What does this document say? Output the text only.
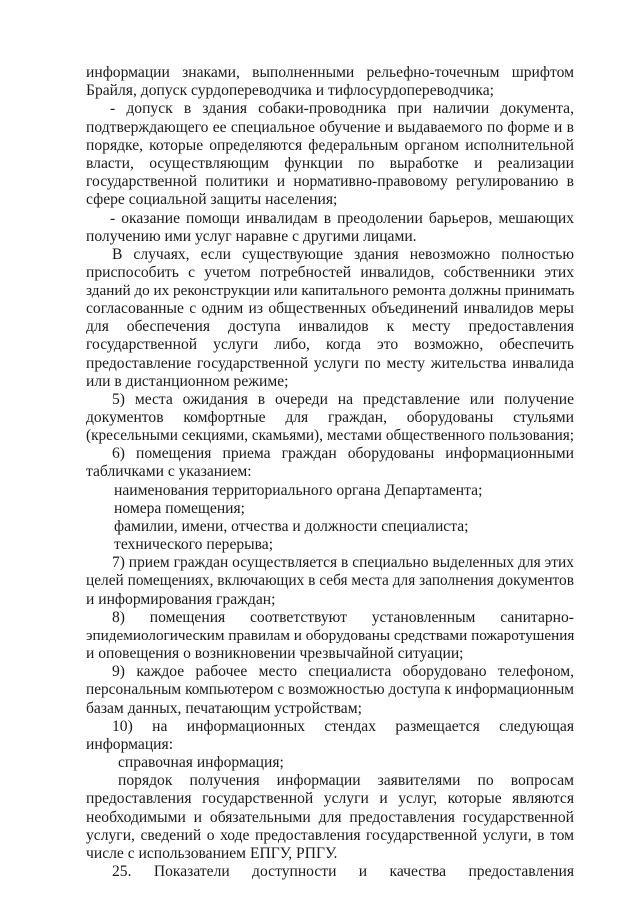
информации знаками, выполненными рельефно-точечным шрифтом
Брайля, допуск сурдопереводчика и тифлосурдопереводчика;
- допуск в здания собаки-проводника при наличии документа,
подтверждающего ее специальное обучение и выдаваемого по форме и в
порядке, которые определяются федеральным органом исполнительной
власти, осуществляющим функции по выработке и реализации
государственной политики и нормативно-правовому регулированию в
сфере социальной защиты населения;
- оказание помощи инвалидам в преодолении барьеров, мешающих
получению ими услуг наравне с другими лицами.
В случаях, если существующие здания невозможно полностью
приспособить с учетом потребностей инвалидов, собственники этих
зданий до их реконструкции или капитального ремонта должны принимать
согласованные с одним из общественных объединений инвалидов меры
для обеспечения доступа инвалидов к месту предоставления
государственной услуги либо, когда это возможно, обеспечить
предоставление государственной услуги по месту жительства инвалида
или в дистанционном режиме;
5) места ожидания в очереди на представление или получение
документов комфортные для граждан, оборудованы стульями
(кресельными секциями, скамьями), местами общественного пользования;
6) помещения приема граждан оборудованы информационными
табличками с указанием:
наименования территориального органа Департамента;
номера помещения;
фамилии, имени, отчества и должности специалиста;
технического перерыва;
7) прием граждан осуществляется в специально выделенных для этих
целей помещениях, включающих в себя места для заполнения документов
и информирования граждан;
8) помещения соответствуют установленным санитарно-
эпидемиологическим правилам и оборудованы средствами пожаротушения
и оповещения о возникновении чрезвычайной ситуации;
9) каждое рабочее место специалиста оборудовано телефоном,
персональным компьютером с возможностью доступа к информационным
базам данных, печатающим устройствам;
10) на информационных стендах размещается следующая
информация:
справочная информация;
порядок получения информации заявителями по вопросам
предоставления государственной услуги и услуг, которые являются
необходимыми и обязательными для предоставления государственной
услуги, сведений о ходе предоставления государственной услуги, в том
числе с использованием ЕПГУ, РПГУ.
25. Показатели доступности и качества предоставления
